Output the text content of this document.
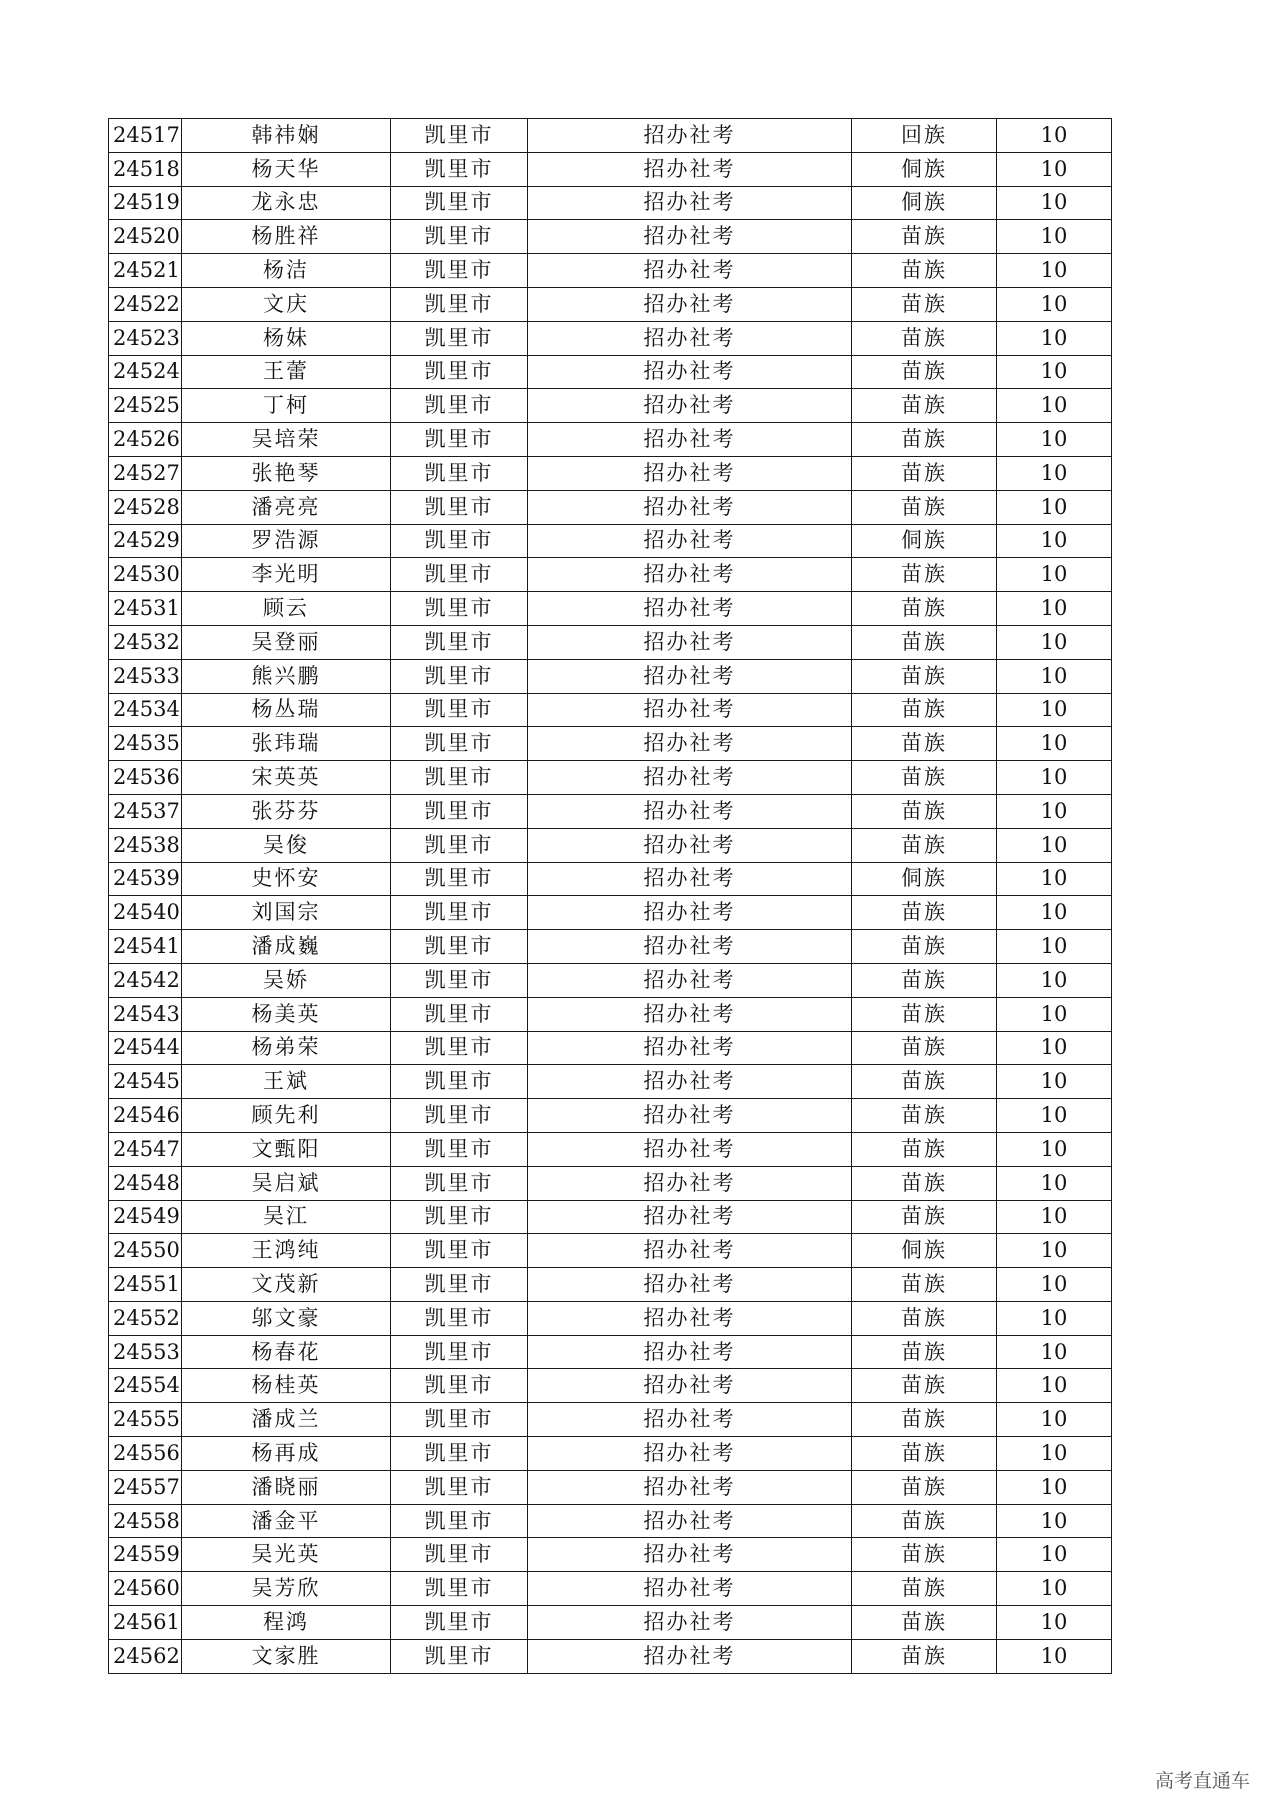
24517	韩祎娴	凯里市	招办社考	回族	10
24518	杨天华	凯里市	招办社考	侗族	10
24519	龙永忠	凯里市	招办社考	侗族	10
24520	杨胜祥	凯里市	招办社考	苗族	10
24521	杨洁	凯里市	招办社考	苗族	10
24522	文庆	凯里市	招办社考	苗族	10
24523	杨妹	凯里市	招办社考	苗族	10
24524	王蕾	凯里市	招办社考	苗族	10
24525	丁柯	凯里市	招办社考	苗族	10
24526	吴培荣	凯里市	招办社考	苗族	10
24527	张艳琴	凯里市	招办社考	苗族	10
24528	潘亮亮	凯里市	招办社考	苗族	10
24529	罗浩源	凯里市	招办社考	侗族	10
24530	李光明	凯里市	招办社考	苗族	10
24531	顾云	凯里市	招办社考	苗族	10
24532	吴登丽	凯里市	招办社考	苗族	10
24533	熊兴鹏	凯里市	招办社考	苗族	10
24534	杨丛瑞	凯里市	招办社考	苗族	10
24535	张玮瑞	凯里市	招办社考	苗族	10
24536	宋英英	凯里市	招办社考	苗族	10
24537	张芬芬	凯里市	招办社考	苗族	10
24538	吴俊	凯里市	招办社考	苗族	10
24539	史怀安	凯里市	招办社考	侗族	10
24540	刘国宗	凯里市	招办社考	苗族	10
24541	潘成巍	凯里市	招办社考	苗族	10
24542	吴娇	凯里市	招办社考	苗族	10
24543	杨美英	凯里市	招办社考	苗族	10
24544	杨弟荣	凯里市	招办社考	苗族	10
24545	王斌	凯里市	招办社考	苗族	10
24546	顾先利	凯里市	招办社考	苗族	10
24547	文甄阳	凯里市	招办社考	苗族	10
24548	吴启斌	凯里市	招办社考	苗族	10
24549	吴江	凯里市	招办社考	苗族	10
24550	王鸿纯	凯里市	招办社考	侗族	10
24551	文茂新	凯里市	招办社考	苗族	10
24552	邬文豪	凯里市	招办社考	苗族	10
24553	杨春花	凯里市	招办社考	苗族	10
24554	杨桂英	凯里市	招办社考	苗族	10
24555	潘成兰	凯里市	招办社考	苗族	10
24556	杨再成	凯里市	招办社考	苗族	10
24557	潘晓丽	凯里市	招办社考	苗族	10
24558	潘金平	凯里市	招办社考	苗族	10
24559	吴光英	凯里市	招办社考	苗族	10
24560	吴芳欣	凯里市	招办社考	苗族	10
24561	程鸿	凯里市	招办社考	苗族	10
24562	文家胜	凯里市	招办社考	苗族	10
高考直通车
